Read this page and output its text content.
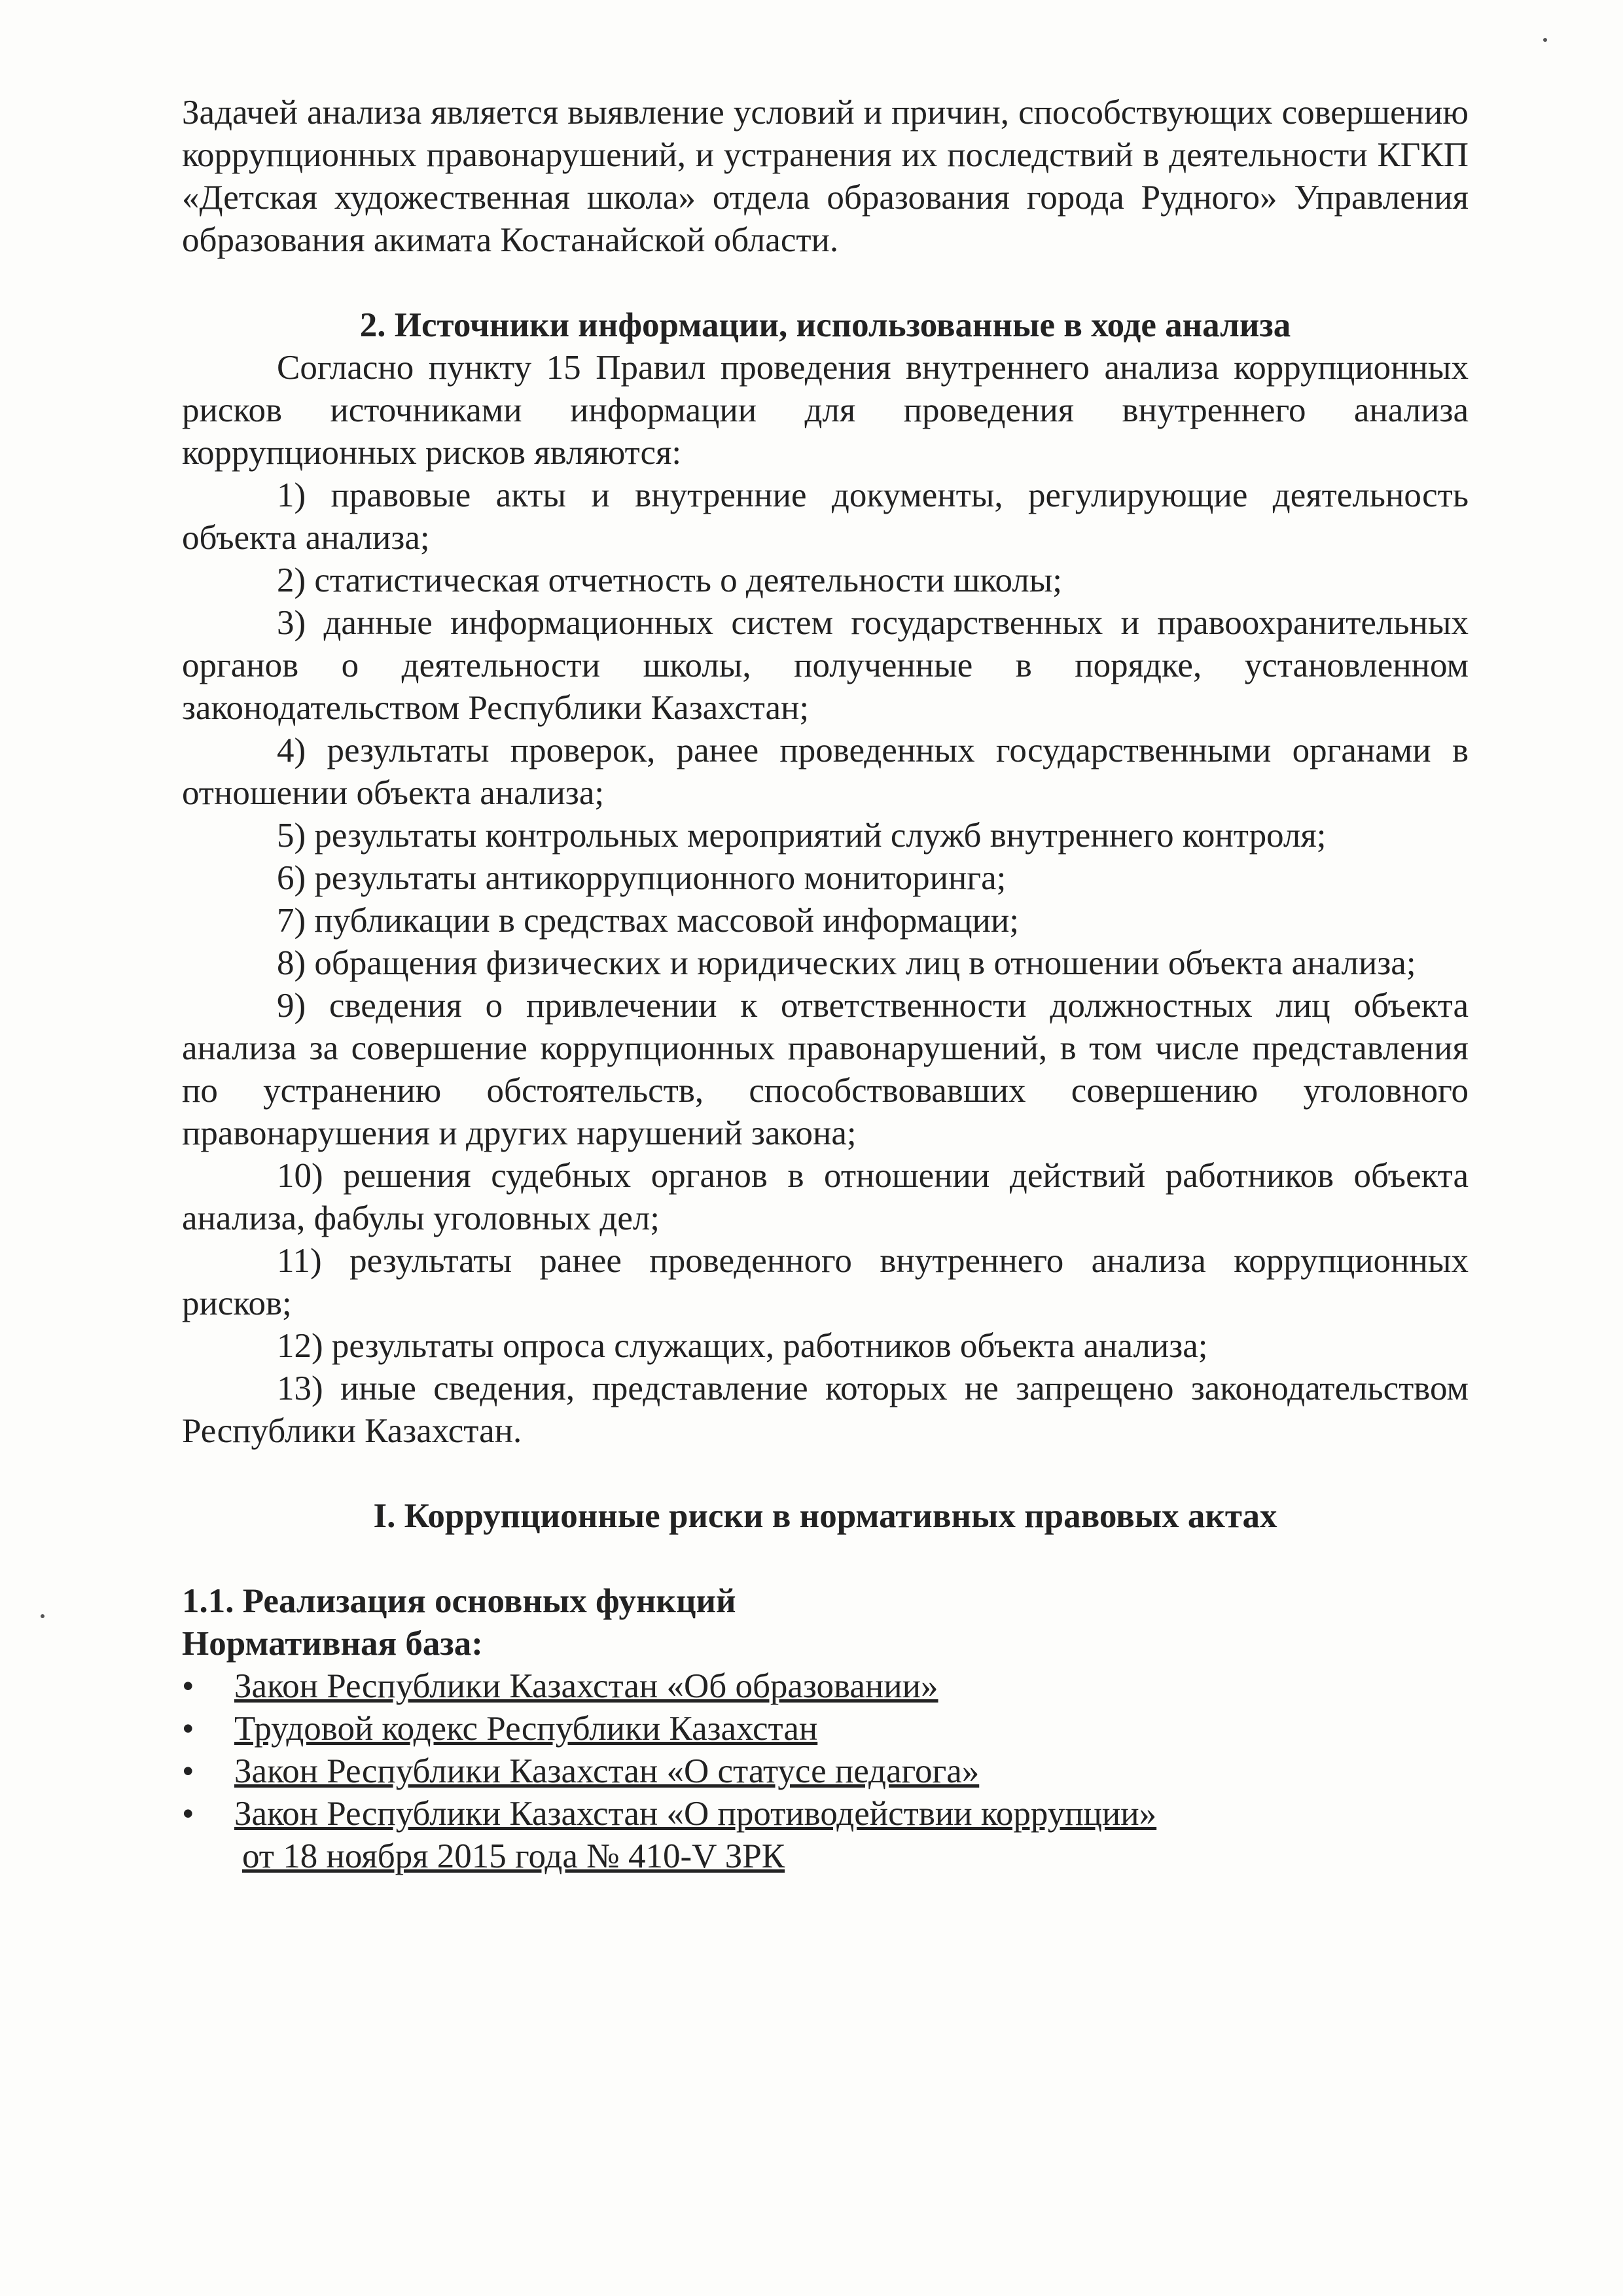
Задачей анализа является выявление условий и причин, способствующих совершению коррупционных правонарушений, и устранения их последствий в деятельности КГКП «Детская художественная школа» отдела образования города Рудного» Управления образования акимата Костанайской области.

2. Источники информации, использованные в ходе анализа

Согласно пункту 15 Правил проведения внутреннего анализа коррупционных рисков источниками информации для проведения внутреннего анализа коррупционных рисков являются:

1) правовые акты и внутренние документы, регулирующие деятельность объекта анализа;

2) статистическая отчетность о деятельности школы;

3) данные информационных систем государственных и правоохранительных органов о деятельности школы, полученные в порядке, установленном законодательством Республики Казахстан;

4) результаты проверок, ранее проведенных государственными органами в отношении объекта анализа;

5) результаты контрольных мероприятий служб внутреннего контроля;

6) результаты антикоррупционного мониторинга;

7) публикации в средствах массовой информации;

8) обращения физических и юридических лиц в отношении объекта анализа;

9) сведения о привлечении к ответственности должностных лиц объекта анализа за совершение коррупционных правонарушений, в том числе представления по устранению обстоятельств, способствовавших совершению уголовного правонарушения и других нарушений закона;

10) решения судебных органов в отношении действий работников объекта анализа, фабулы уголовных дел;

11) результаты ранее проведенного внутреннего анализа коррупционных рисков;

12) результаты опроса служащих, работников объекта анализа;

13) иные сведения, представление которых не запрещено законодательством Республики Казахстан.

I. Коррупционные риски в нормативных правовых актах

1.1. Реализация основных функций

Нормативная база:

• Закон Республики Казахстан «Об образовании»
• Трудовой кодекс Республики Казахстан
• Закон Республики Казахстан «О статусе педагога»
• Закон Республики Казахстан «О противодействии коррупции»
от 18 ноября 2015 года № 410-V ЗРК
